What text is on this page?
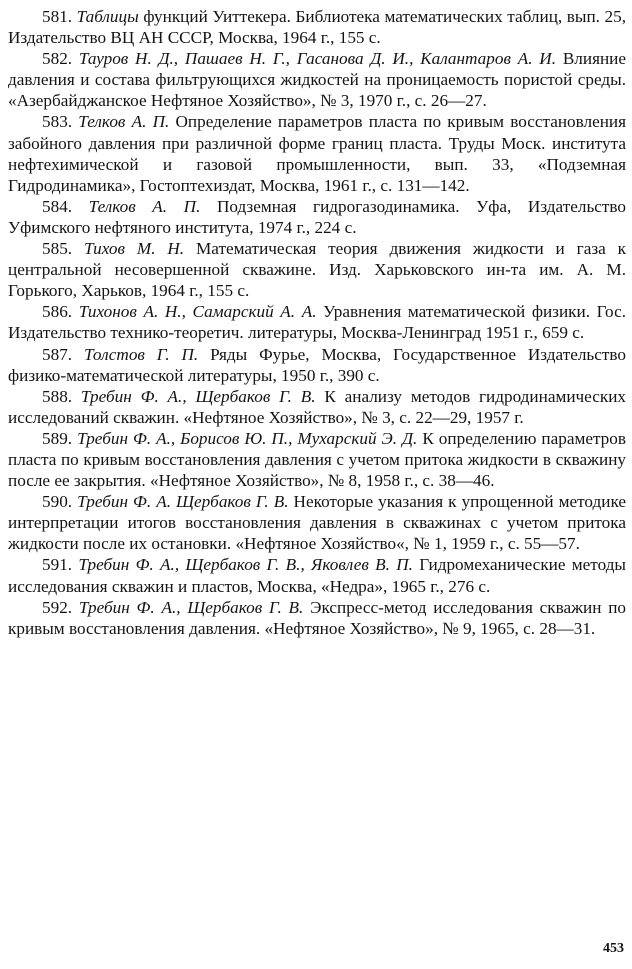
581. Таблицы функций Уиттекера. Библиотека математических таблиц, вып. 25, Издательство ВЦ АН СССР, Москва, 1964 г., 155 с.

582. Тауров Н. Д., Пашаев Н. Г., Гасанова Д. И., Калантаров А. И. Влияние давления и состава фильтрующихся жидкостей на проницаемость пористой среды. «Азербайджанское Нефтяное Хозяйство», № 3, 1970 г., с. 26—27.

583. Телков А. П. Определение параметров пласта по кривым восстановления забойного давления при различной форме границ пласта. Труды Моск. института нефтехимической и газовой промышленности, вып. 33, «Подземная Гидродинамика», Гостоптехиздат, Москва, 1961 г., с. 131—142.

584. Телков А. П. Подземная гидрогазодинамика. Уфа, Издательство Уфимского нефтяного института, 1974 г., 224 с.

585. Тихов М. Н. Математическая теория движения жидкости и газа к центральной несовершенной скважине. Изд. Харьковского ин-та им. А. М. Горького, Харьков, 1964 г., 155 с.

586. Тихонов А. Н., Самарский А. А. Уравнения математической физики. Гос. Издательство технико-теоретич. литературы, Москва-Ленинград 1951 г., 659 с.

587. Толстов Г. П. Ряды Фурье, Москва, Государственное Издательство физико-математической литературы, 1950 г., 390 с.

588. Требин Ф. А., Щербаков Г. В. К анализу методов гидродинамических исследований скважин. «Нефтяное Хозяйство», № 3, с. 22—29, 1957 г.

589. Требин Ф. А., Борисов Ю. П., Мухарский Э. Д. К определению параметров пласта по кривым восстановления давления с учетом притока жидкости в скважину после ее закрытия. «Нефтяное Хозяйство», № 8, 1958 г., с. 38—46.

590. Требин Ф. А. Щербаков Г. В. Некоторые указания к упрощенной методике интерпретации итогов восстановления давления в скважинах с учетом притока жидкости после их остановки. «Нефтяное Хозяйство«, № 1, 1959 г., с. 55—57.

591. Требин Ф. А., Щербаков Г. В., Яковлев В. П. Гидромеханические методы исследования скважин и пластов, Москва, «Недра», 1965 г., 276 с.

592. Требин Ф. А., Щербаков Г. В. Экспресс-метод исследования скважин по кривым восстановления давления. «Нефтяное Хозяйство», № 9, 1965, с. 28—31.

453
